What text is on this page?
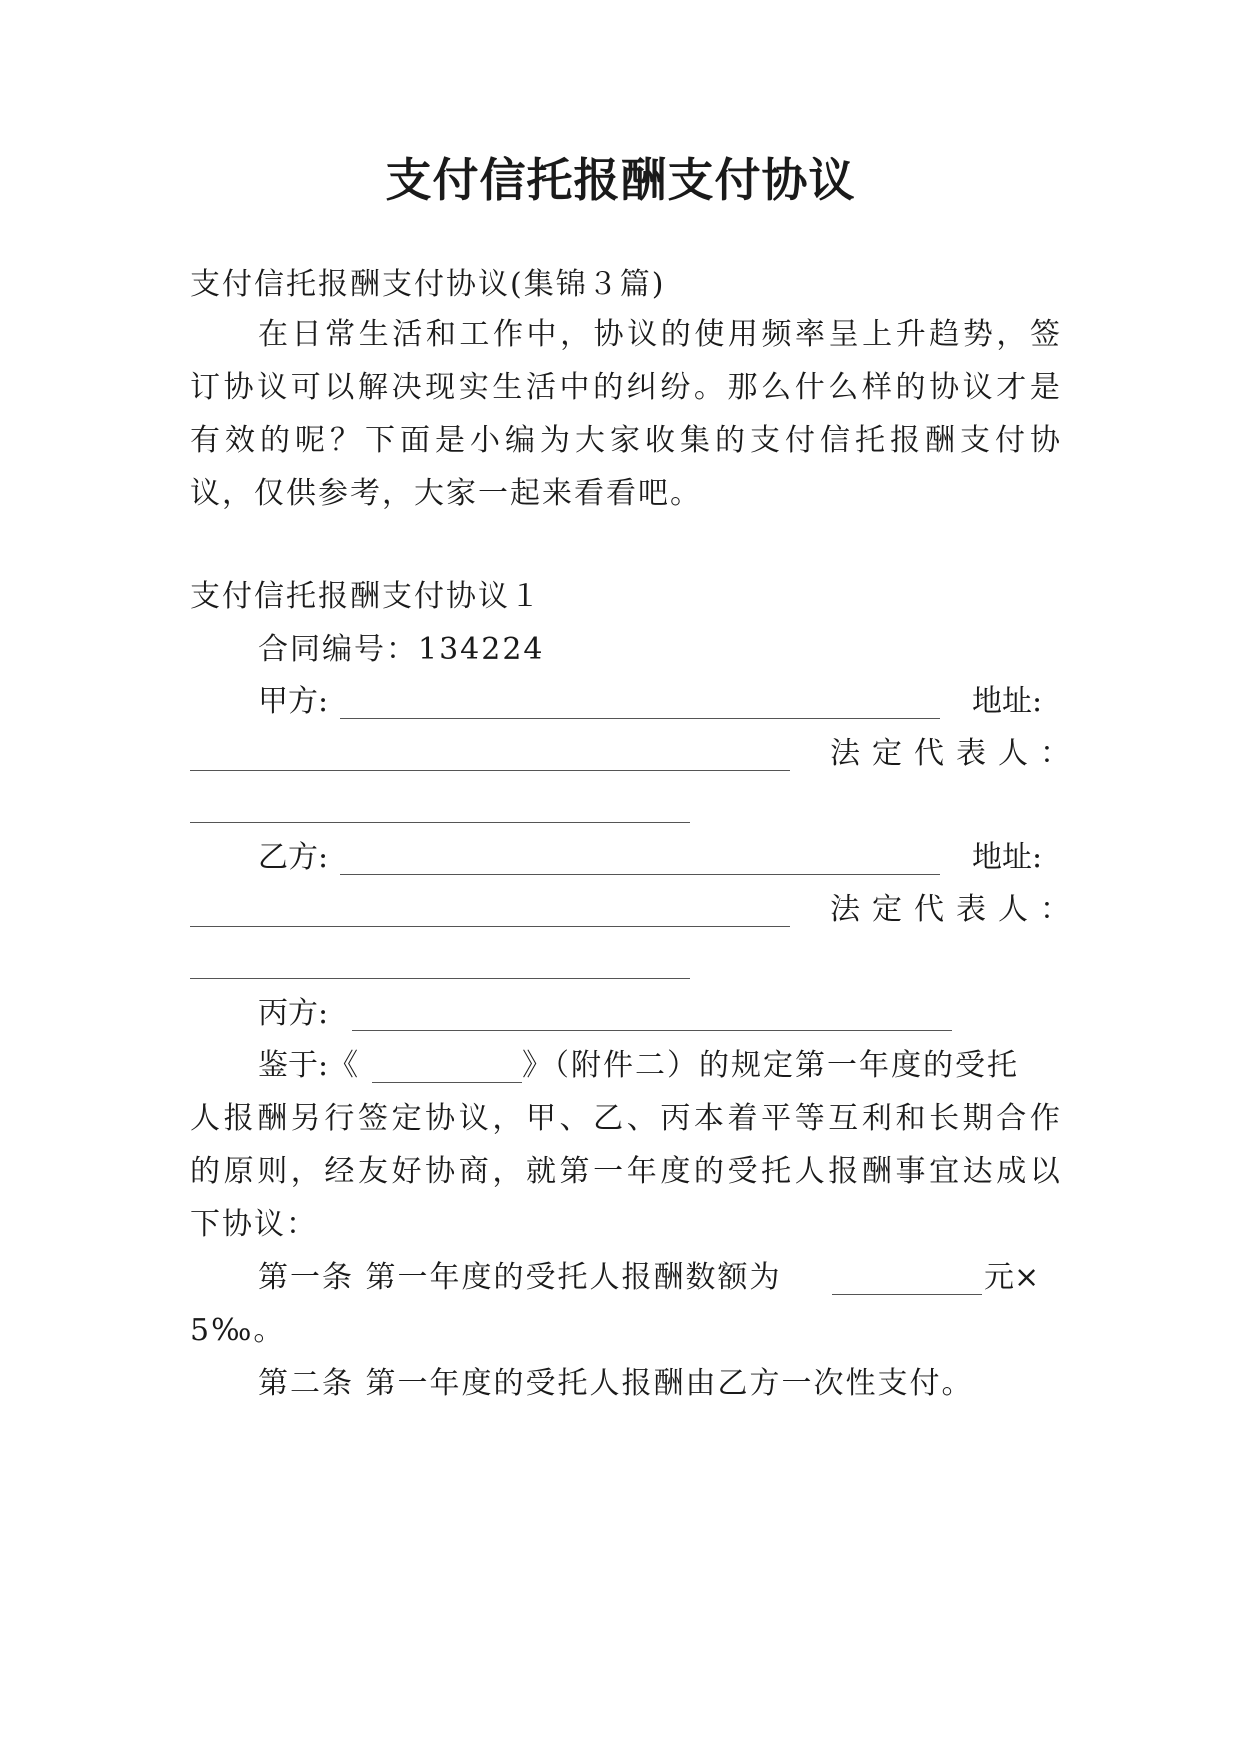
支付信托报酬支付协议
支付信托报酬支付协议(集锦３篇)
在 日 常 生 活 和 工 作 中 ， 协 议 的 使 用 频 率 呈 上 升 趋 势 ， 签
订 协 议 可 以 解 决 现 实 生 活 中 的 纠 纷 。 那 么 什 么 样 的 协 议 才 是
有 效 的 呢 ？ 下 面 是 小 编 为 大 家 收 集 的 支 付 信 托 报 酬 支 付 协
议，仅供参考，大家一起来看看吧。
支付信托报酬支付协议１
合同编号：134224
甲方:	地址:
法定代表人：
乙方:	地址:
法定代表人：
丙方:
鉴于:《	》（附件二）的规定第一年度的受托
人 报 酬 另 行 签 定 协 议 ， 甲 、 乙 、 丙 本 着 平 等 互 利 和 长 期 合 作
的 原 则 ， 经 友 好 协 商 ， 就 第 一 年 度 的 受 托 人 报 酬 事 宜 达 成 以
下协议：
第一条 第一年度的受托人报酬数额为	元×
5‰。
第二条 第一年度的受托人报酬由乙方一次性支付。
